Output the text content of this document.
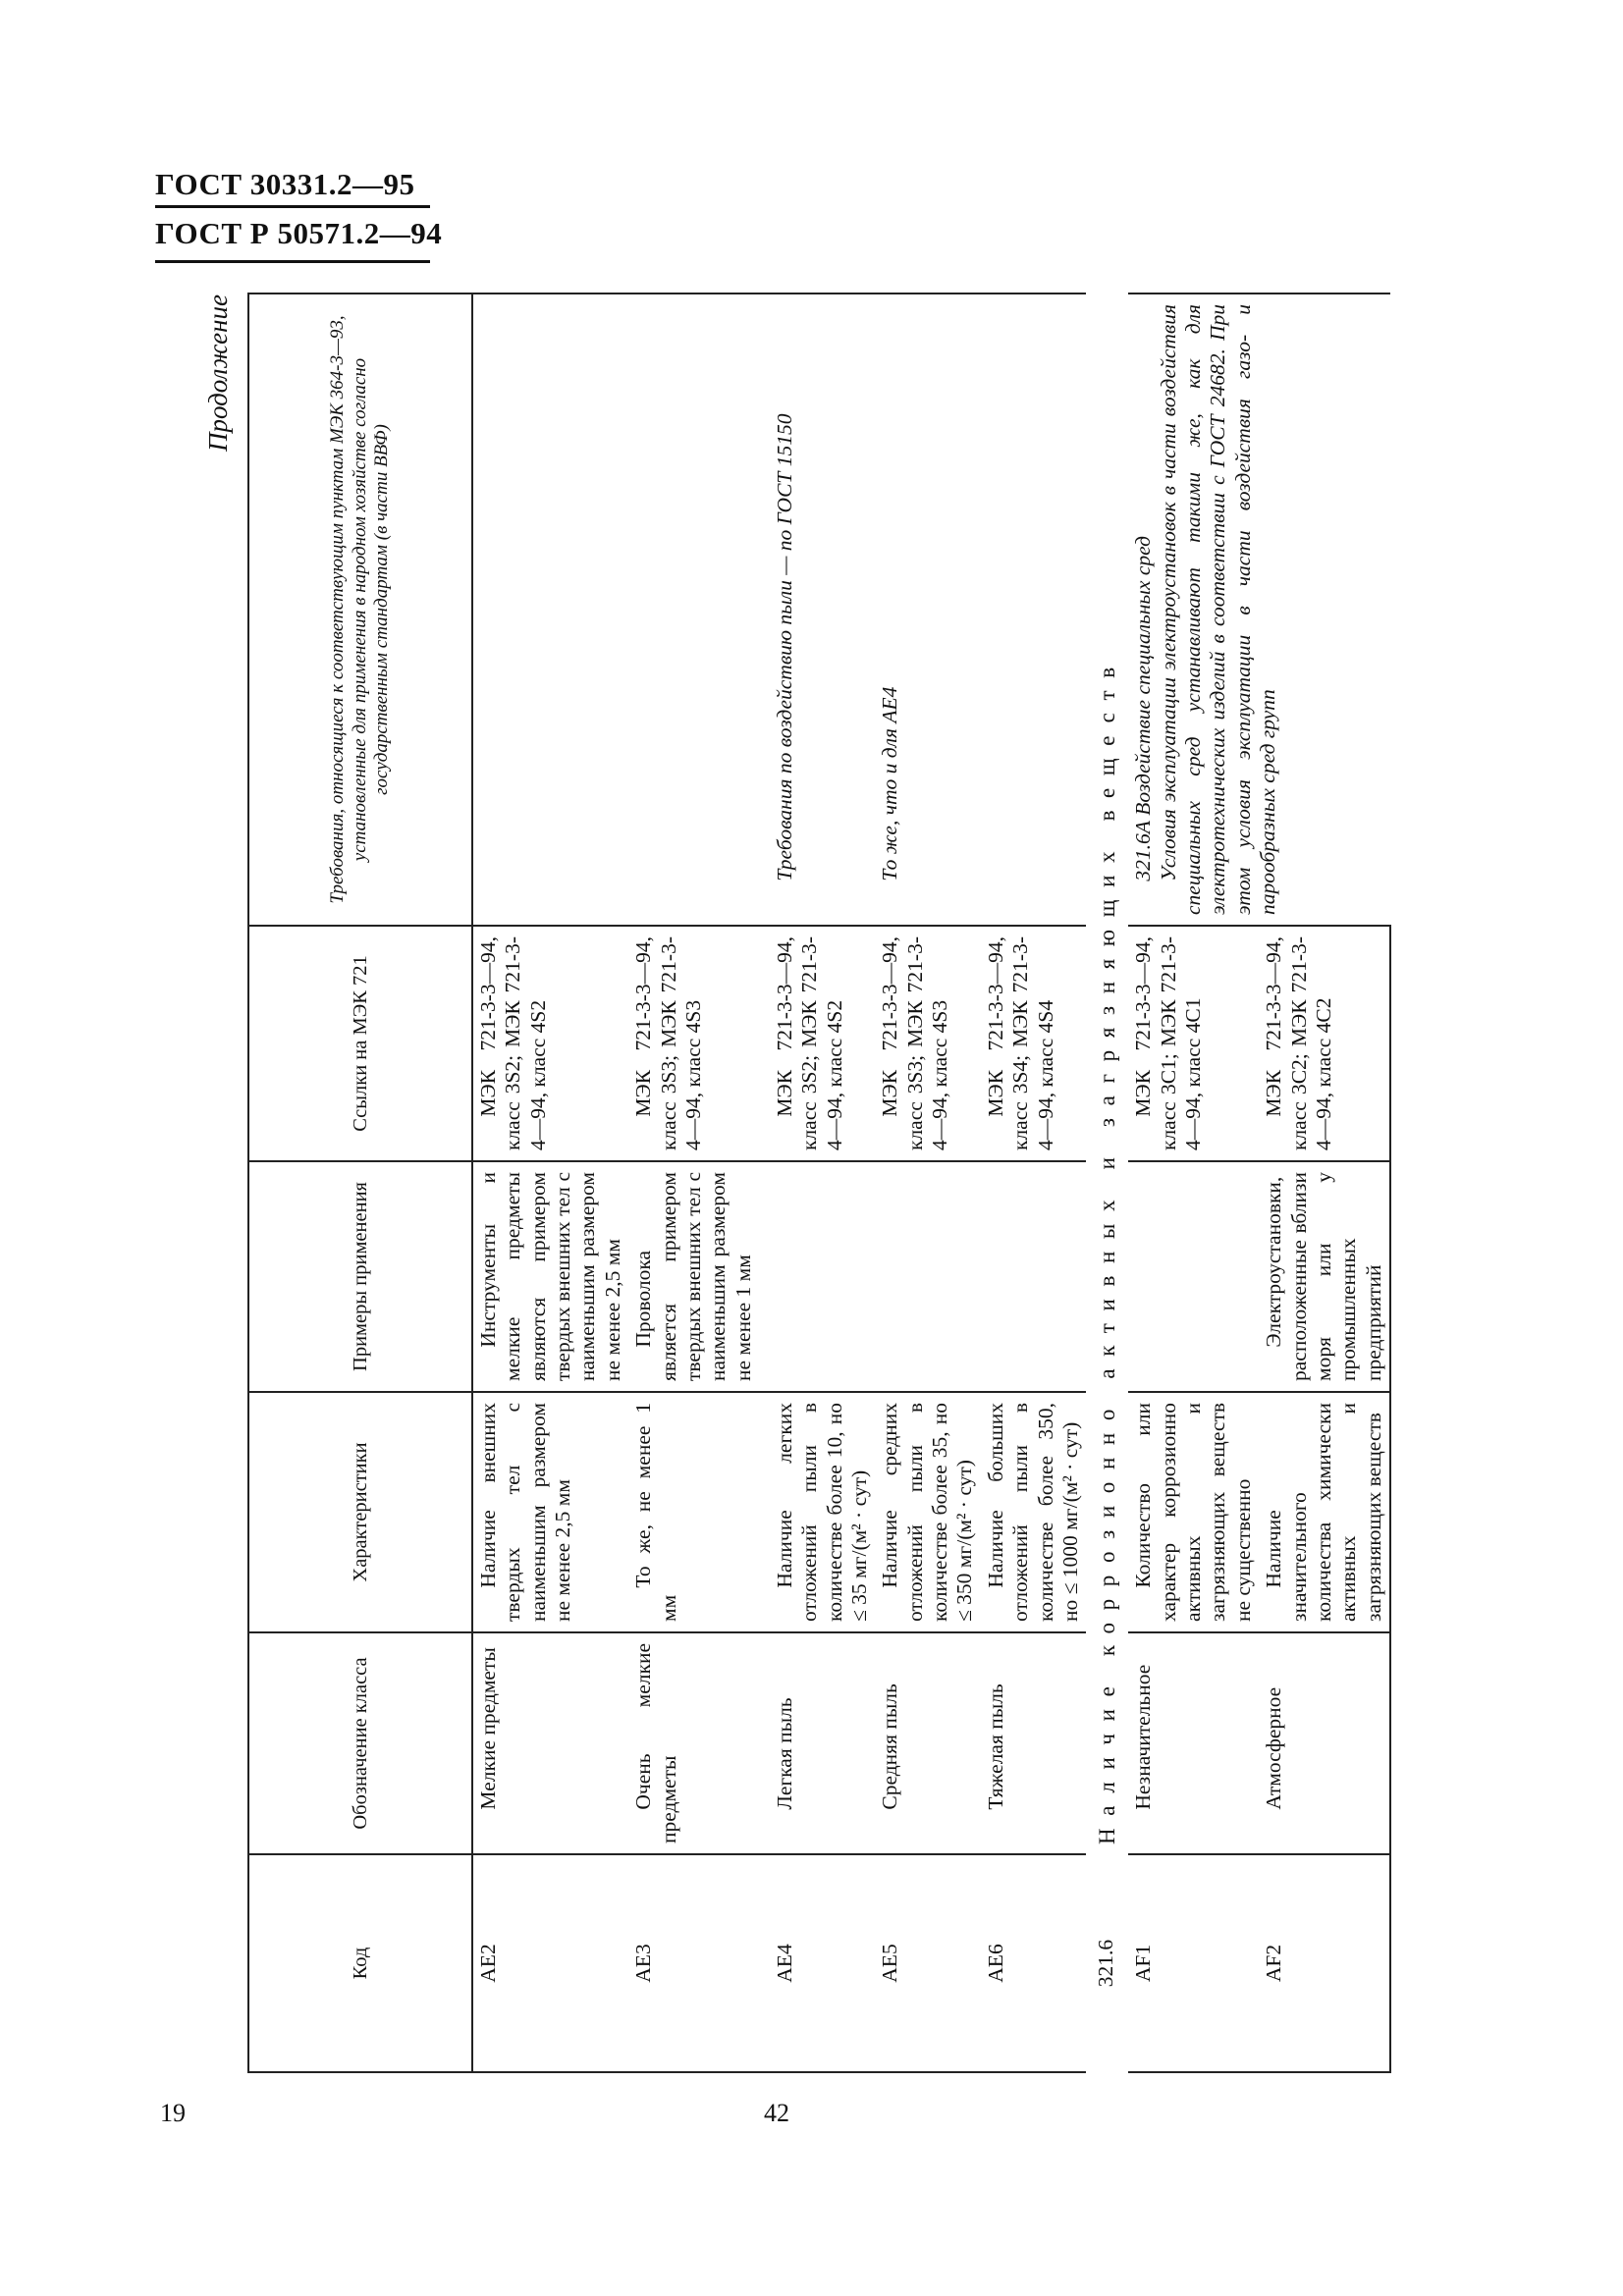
ГОСТ 30331.2—95
ГОСТ Р 50571.2—94
Продолжение
Код	Обозначение класса	Характеристики	Примеры применения	Ссылки на МЭК 721	Требования, относящиеся к соответствующим пунктам МЭК 364-3—93, установленные для применения в народном хозяйстве согласно государственным стандартам (в части ВВФ)
AE2	Мелкие предметы	Наличие внешних твердых тел с наименьшим размером не менее 2,5 мм	Инструменты и мелкие предметы являются примером твердых внешних тел с наименьшим размером не менее 2,5 мм	МЭК 721-3-3—94, класс 3S2; МЭК 721-3-4—94, класс 4S2	
AE3	Очень мелкие предметы	То же, не менее 1 мм	Проволока является примером твердых внешних тел с наименьшим размером не менее 1 мм	МЭК 721-3-3—94, класс 3S3; МЭК 721-3-4—94, класс 4S3	
AE4	Легкая пыль	Наличие легких отложений пыли в количестве более 10, но ≤ 35 мг/(м² · сут)		МЭК 721-3-3—94, класс 3S2; МЭК 721-3-4—94, класс 4S2	Требования по воздействию пыли — по ГОСТ 15150
AE5	Средняя пыль	Наличие средних отложений пыли в количестве более 35, но ≤ 350 мг/(м² · сут)		МЭК 721-3-3—94, класс 3S3; МЭК 721-3-4—94, класс 4S3	То же, что и для AE4
AE6	Тяжелая пыль	Наличие больших отложений пыли в количестве более 350, но ≤ 1000 мг/(м² · сут)		МЭК 721-3-3—94, класс 3S4; МЭК 721-3-4—94, класс 4S4	
321.6	Наличие коррозионно активных и загрязняющих веществ				
AF1	Незначительное	Количество или характер коррозионно активных и загрязняющих веществ не существенно		МЭК 721-3-3—94, класс 3C1; МЭК 721-3-4—94, класс 4C1	321.6А Воздействие специальных сред Условия эксплуатации электроустановок в части воздействия специальных сред устанавливают такими же, как для электротехнических изделий в соответствии с ГОСТ 24682. При этом условия эксплуатации в части воздействия газо- и парообразных сред групп

AF2	Атмосферное	Наличие значительного количества химически активных и загрязняющих веществ	Электроустановки, расположенные вблизи моря или у промышленных предприятий	МЭК 721-3-3—94, класс 3C2; МЭК 721-3-4—94, класс 4C2	
19	42
